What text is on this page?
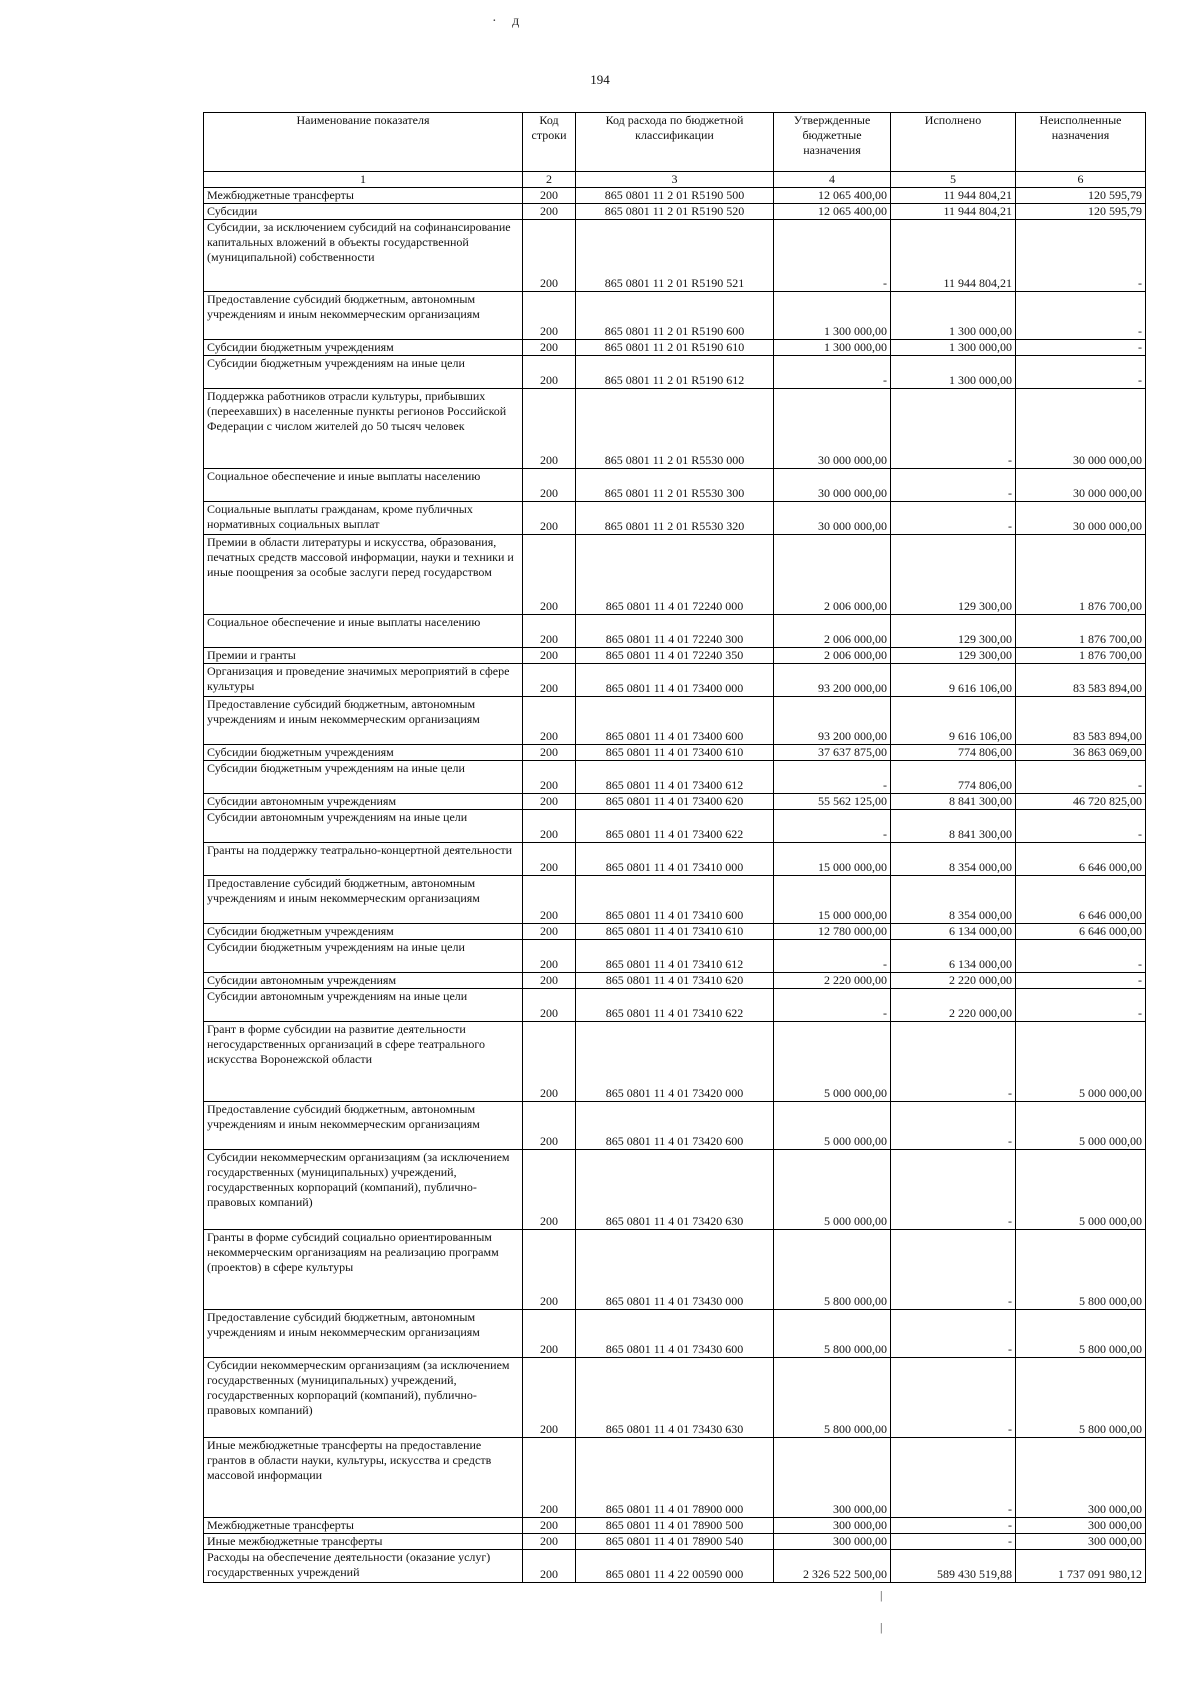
· д
194
Наименование показателя	Код строки	Код расхода по бюджетной классификации	Утвержденные бюджетные назначения	Исполнено	Неисполненные назначения
1	2	3	4	5	6
Межбюджетные трансферты	200	865 0801 11 2 01 R5190 500	12 065 400,00	11 944 804,21	120 595,79
Субсидии	200	865 0801 11 2 01 R5190 520	12 065 400,00	11 944 804,21	120 595,79
Субсидии, за исключением субсидий на софинансирование капитальных вложений в объекты государственной (муниципальной) собственности	200	865 0801 11 2 01 R5190 521	-	11 944 804,21	-
Предоставление субсидий бюджетным, автономным учреждениям и иным некоммерческим организациям	200	865 0801 11 2 01 R5190 600	1 300 000,00	1 300 000,00	-
Субсидии бюджетным учреждениям	200	865 0801 11 2 01 R5190 610	1 300 000,00	1 300 000,00	-
Субсидии бюджетным учреждениям на иные цели	200	865 0801 11 2 01 R5190 612	-	1 300 000,00	-
Поддержка работников отрасли культуры, прибывших (переехавших) в населенные пункты регионов Российской Федерации с числом жителей до 50 тысяч человек	200	865 0801 11 2 01 R5530 000	30 000 000,00	-	30 000 000,00
Социальное обеспечение и иные выплаты населению	200	865 0801 11 2 01 R5530 300	30 000 000,00	-	30 000 000,00
Социальные выплаты гражданам, кроме публичных нормативных социальных выплат	200	865 0801 11 2 01 R5530 320	30 000 000,00	-	30 000 000,00
Премии в области литературы и искусства, образования, печатных средств массовой информации, науки и техники и иные поощрения за особые заслуги перед государством	200	865 0801 11 4 01 72240 000	2 006 000,00	129 300,00	1 876 700,00
Социальное обеспечение и иные выплаты населению	200	865 0801 11 4 01 72240 300	2 006 000,00	129 300,00	1 876 700,00
Премии и гранты	200	865 0801 11 4 01 72240 350	2 006 000,00	129 300,00	1 876 700,00
Организация и проведение значимых мероприятий в сфере культуры	200	865 0801 11 4 01 73400 000	93 200 000,00	9 616 106,00	83 583 894,00
Предоставление субсидий бюджетным, автономным учреждениям и иным некоммерческим организациям	200	865 0801 11 4 01 73400 600	93 200 000,00	9 616 106,00	83 583 894,00
Субсидии бюджетным учреждениям	200	865 0801 11 4 01 73400 610	37 637 875,00	774 806,00	36 863 069,00
Субсидии бюджетным учреждениям на иные цели	200	865 0801 11 4 01 73400 612	-	774 806,00	-
Субсидии автономным учреждениям	200	865 0801 11 4 01 73400 620	55 562 125,00	8 841 300,00	46 720 825,00
Субсидии автономным учреждениям на иные цели	200	865 0801 11 4 01 73400 622	-	8 841 300,00	-
Гранты на поддержку театрально-концертной деятельности	200	865 0801 11 4 01 73410 000	15 000 000,00	8 354 000,00	6 646 000,00
Предоставление субсидий бюджетным, автономным учреждениям и иным некоммерческим организациям	200	865 0801 11 4 01 73410 600	15 000 000,00	8 354 000,00	6 646 000,00
Субсидии бюджетным учреждениям	200	865 0801 11 4 01 73410 610	12 780 000,00	6 134 000,00	6 646 000,00
Субсидии бюджетным учреждениям на иные цели	200	865 0801 11 4 01 73410 612	-	6 134 000,00	-
Субсидии автономным учреждениям	200	865 0801 11 4 01 73410 620	2 220 000,00	2 220 000,00	-
Субсидии автономным учреждениям на иные цели	200	865 0801 11 4 01 73410 622	-	2 220 000,00	-
Грант в форме субсидии на развитие деятельности негосударственных организаций в сфере театрального искусства Воронежской области	200	865 0801 11 4 01 73420 000	5 000 000,00	-	5 000 000,00
Предоставление субсидий бюджетным, автономным учреждениям и иным некоммерческим организациям	200	865 0801 11 4 01 73420 600	5 000 000,00	-	5 000 000,00
Субсидии некоммерческим организациям (за исключением государственных (муниципальных) учреждений, государственных корпораций (компаний), публично-правовых компаний)	200	865 0801 11 4 01 73420 630	5 000 000,00	-	5 000 000,00
Гранты в форме субсидий социально ориентированным некоммерческим организациям на реализацию программ (проектов) в сфере культуры	200	865 0801 11 4 01 73430 000	5 800 000,00	-	5 800 000,00
Предоставление субсидий бюджетным, автономным учреждениям и иным некоммерческим организациям	200	865 0801 11 4 01 73430 600	5 800 000,00	-	5 800 000,00
Субсидии некоммерческим организациям (за исключением государственных (муниципальных) учреждений, государственных корпораций (компаний), публично-правовых компаний)	200	865 0801 11 4 01 73430 630	5 800 000,00	-	5 800 000,00
Иные межбюджетные трансферты на предоставление грантов в области науки, культуры, искусства и средств массовой информации	200	865 0801 11 4 01 78900 000	300 000,00	-	300 000,00
Межбюджетные трансферты	200	865 0801 11 4 01 78900 500	300 000,00	-	300 000,00
Иные межбюджетные трансферты	200	865 0801 11 4 01 78900 540	300 000,00	-	300 000,00
Расходы на обеспечение деятельности (оказание услуг) государственных учреждений	200	865 0801 11 4 22 00590 000	2 326 522 500,00	589 430 519,88	1 737 091 980,12
|
|
